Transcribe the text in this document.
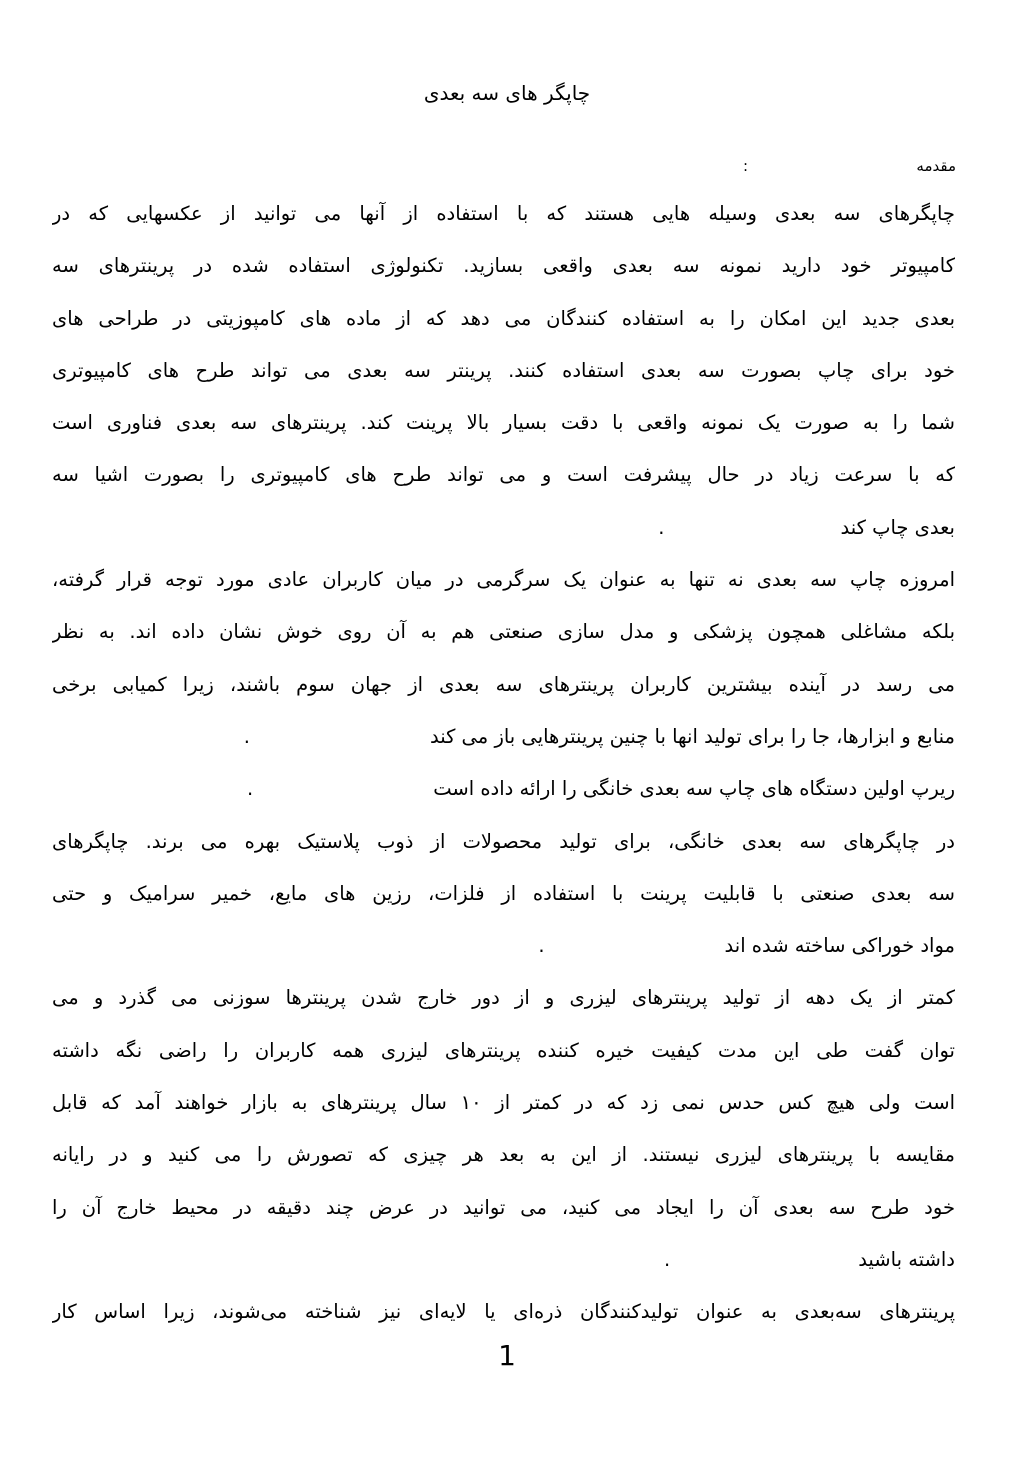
چاپگر های سه بعدی
مقدمه
:
چاپگرهای سه بعدی وسیله هایی هستند که با استفاده از آنها می توانید از عکسهایی که در
کامپیوتر خود دارید نمونه سه بعدی واقعی بسازید. تکنولوژی استفاده شده در پرینترهای سه
بعدی جدید این امکان را به استفاده کنندگان می دهد که از ماده های کامپوزیتی در طراحی های
خود برای چاپ بصورت سه بعدی استفاده کنند. پرینتر سه بعدی می تواند طرح های کامپیوتری
شما را به صورت یک نمونه واقعی با دقت بسیار بالا پرینت کند. پرینترهای سه بعدی فناوری است
که با سرعت زیاد در حال پیشرفت است و می تواند طرح های کامپیوتری را بصورت اشیا سه
بعدی چاپ کند.
امروزه چاپ سه بعدی نه تنها به عنوان یک سرگرمی در میان کاربران عادی مورد توجه قرار گرفته،
بلکه مشاغلی همچون پزشکی و مدل سازی صنعتی هم به آن روی خوش نشان داده اند. به نظر
می رسد در آینده بیشترین کاربران پرینترهای سه بعدی از جهان سوم باشند، زیرا کمیابی برخی
منابع و ابزارها، جا را برای تولید انها با چنین پرینترهایی باز می کند.
ریرپ اولین دستگاه های چاپ سه بعدی خانگی را ارائه داده است.
در چاپگرهای سه بعدی خانگی، برای تولید محصولات از ذوب پلاستیک بهره می برند. چاپگرهای
سه بعدی صنعتی با قابلیت پرینت با استفاده از فلزات، رزین های مایع، خمیر سرامیک و حتی
مواد خوراکی ساخته شده اند.
کمتر از یک دهه از تولید پرینترهای لیزری و از دور خارج شدن پرینترها سوزنی می گذرد و می
توان گفت طی این مدت کیفیت خیره کننده پرینترهای لیزری همه کاربران را راضی نگه داشته
است ولی هیچ کس حدس نمی زد که در کمتر از ۱۰ سال پرینترهای به بازار خواهند آمد که قابل
مقایسه با پرینترهای لیزری نیستند. از این به بعد هر چیزی که تصورش را می کنید و در رایانه
خود طرح سه بعدی آن را ایجاد می کنید، می توانید در عرض چند دقیقه در محیط خارج آن را
داشته باشید.
پرینترهای سه‌بعدی به عنوان تولیدکنندگان ذره‌ای یا لایه‌ای نیز شناخته می‌شوند، زیرا اساس کار
1
